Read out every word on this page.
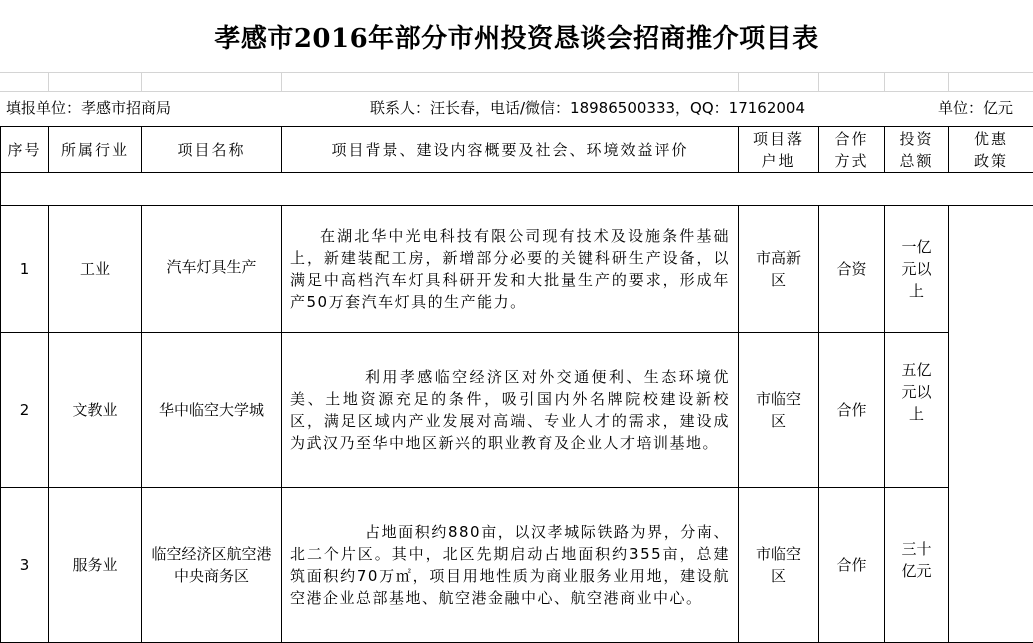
孝感市2016年部分市州投资恳谈会招商推介项目表
填报单位：孝感市招商局	联系人：汪长春，电话/微信：18986500333，QQ：17162004	单位：亿元
序号	所属行业	项目名称	项目背景、建设内容概要及社会、环境效益评价	项目落户地	合作方式	投资总额	优惠政策

1	工业	汽车灯具生产	在湖北华中光电科技有限公司现有技术及设施条件基础上，新建装配工房，新增部分必要的关键科研生产设备，以满足中高档汽车灯具科研开发和大批量生产的要求，形成年产50万套汽车灯具的生产能力。	市高新区	合资	一亿元以上	
2	文教业	华中临空大学城	利用孝感临空经济区对外交通便利、生态环境优美、土地资源充足的条件，吸引国内外名牌院校建设新校区，满足区域内产业发展对高端、专业人才的需求，建设成为武汉乃至华中地区新兴的职业教育及企业人才培训基地。	市临空区	合作	五亿元以上	
3	服务业	临空经济区航空港中央商务区	占地面积约880亩，以汉孝城际铁路为界，分南、北二个片区。其中，北区先期启动占地面积约355亩，总建筑面积约70万㎡，项目用地性质为商业服务业用地，建设航空港企业总部基地、航空港金融中心、航空港商业中心。	市临空区	合作	三十亿元	
